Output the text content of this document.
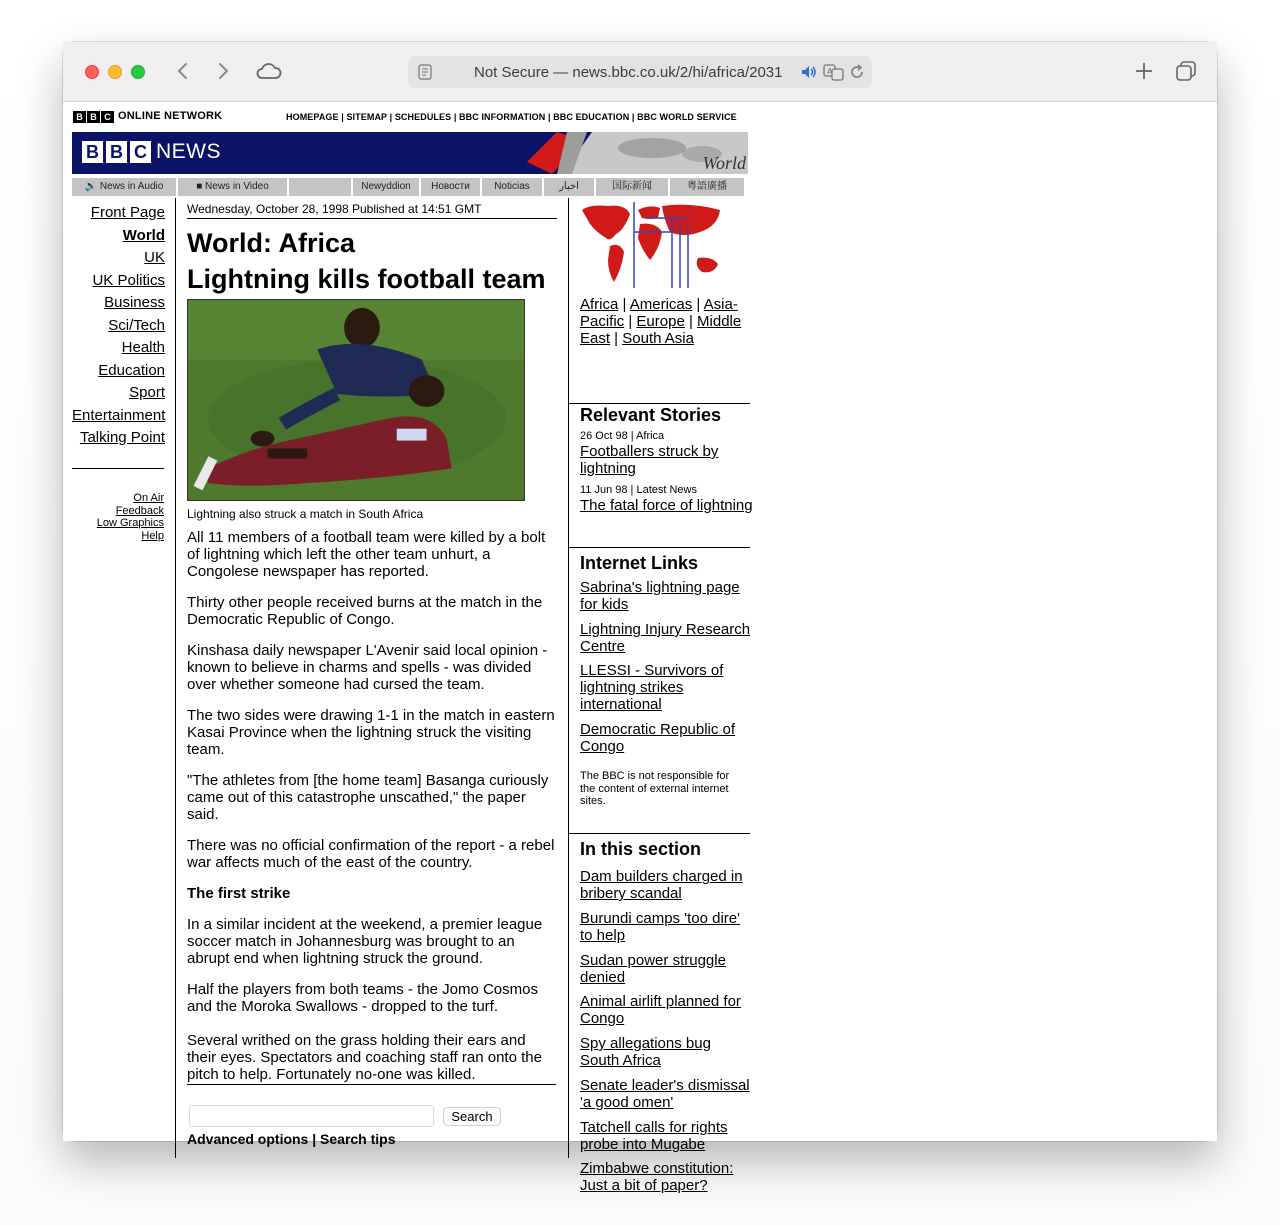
Not Secure — news.bbc.co.uk/2/hi/africa/2031	A
B B C ONLINE NETWORK	HOMEPAGE | SITEMAP | SCHEDULES | BBC INFORMATION | BBC EDUCATION | BBC WORLD SERVICE
B B C NEWS	World
🔊 News in Audio	■ News in Video	Newyddion	Новости	Noticias	اخبار	国际新闻	粤語廣播
Front Page
World
UK
UK Politics
Business
Sci/Tech
Health
Education
Sport
Entertainment
Talking Point
On Air
Feedback
Low Graphics
Help
Wednesday, October 28, 1998 Published at 14:51 GMT
World: Africa
Lightning kills football team
Lightning also struck a match in South Africa

All 11 members of a football team were killed by a bolt of lightning which left the other team unhurt, a Congolese newspaper has reported.

Thirty other people received burns at the match in the Democratic Republic of Congo.

Kinshasa daily newspaper L'Avenir said local opinion - known to believe in charms and spells - was divided over whether someone had cursed the team.

The two sides were drawing 1-1 in the match in eastern Kasai Province when the lightning struck the visiting team.

"The athletes from [the home team] Basanga curiously came out of this catastrophe unscathed," the paper said.

There was no official confirmation of the report - a rebel war affects much of the east of the country.

The first strike

In a similar incident at the weekend, a premier league soccer match in Johannesburg was brought to an abrupt end when lightning struck the ground.

Half the players from both teams - the Jomo Cosmos and the Moroka Swallows - dropped to the turf.

Several writhed on the grass holding their ears and their eyes. Spectators and coaching staff ran onto the pitch to help. Fortunately no-one was killed.

Search
Advanced options | Search tips
Africa | Americas | Asia-Pacific | Europe | Middle East | South Asia
Relevant Stories
26 Oct 98 | Africa
Footballers struck by lightning
11 Jun 98 | Latest News
The fatal force of lightning
Internet Links
Sabrina's lightning page for kids
Lightning Injury Research Centre
LLESSI - Survivors of lightning strikes international
Democratic Republic of Congo
The BBC is not responsible for the content of external internet sites.
In this section
Dam builders charged in bribery scandal
Burundi camps 'too dire' to help
Sudan power struggle denied
Animal airlift planned for Congo
Spy allegations bug South Africa
Senate leader's dismissal 'a good omen'
Tatchell calls for rights probe into Mugabe
Zimbabwe constitution: Just a bit of paper?
